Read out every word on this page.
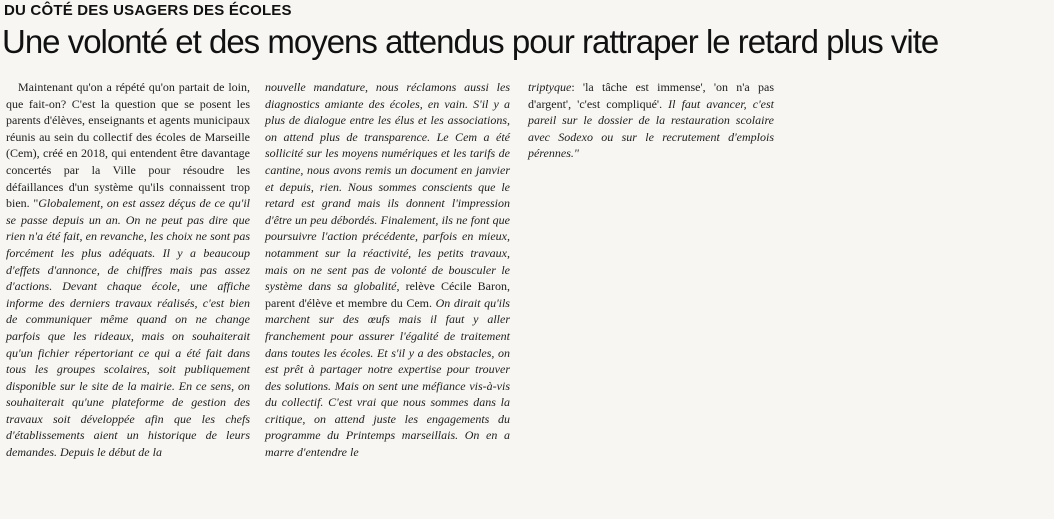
DU CÔTÉ DES USAGERS DES ÉCOLES
Une volonté et des moyens attendus pour rattraper le retard plus vite

Maintenant qu'on a répété qu'on partait de loin, que fait-on? C'est la question que se posent les parents d'élèves, enseignants et agents municipaux réunis au sein du collectif des écoles de Marseille (Cem), créé en 2018, qui entendent être davantage concertés par la Ville pour résoudre les défaillances d'un système qu'ils connaissent trop bien. "Globalement, on est assez déçus de ce qu'il se passe depuis un an. On ne peut pas dire que rien n'a été fait, en revanche, les choix ne sont pas forcément les plus adéquats. Il y a beaucoup d'effets d'annonce, de chiffres mais pas assez d'actions. Devant chaque école, une affiche informe des derniers travaux réalisés, c'est bien de communiquer même quand on ne change parfois que les rideaux, mais on souhaiterait qu'un fichier répertoriant ce qui a été fait dans tous les groupes scolaires, soit publiquement disponible sur le site de la mairie. En ce sens, on souhaiterait qu'une plateforme de gestion des travaux soit développée afin que les chefs d'établissements aient un historique de leurs demandes. Depuis le début de la

nouvelle mandature, nous réclamons aussi les diagnostics amiante des écoles, en vain. S'il y a plus de dialogue entre les élus et les associations, on attend plus de transparence. Le Cem a été sollicité sur les moyens numériques et les tarifs de cantine, nous avons remis un document en janvier et depuis, rien. Nous sommes conscients que le retard est grand mais ils donnent l'impression d'être un peu débordés. Finalement, ils ne font que poursuivre l'action précédente, parfois en mieux, notamment sur la réactivité, les petits travaux, mais on ne sent pas de volonté de bousculer le système dans sa globalité, relève Cécile Baron, parent d'élève et membre du Cem. On dirait qu'ils marchent sur des œufs mais il faut y aller franchement pour assurer l'égalité de traitement dans toutes les écoles. Et s'il y a des obstacles, on est prêt à partager notre expertise pour trouver des solutions. Mais on sent une méfiance vis-à-vis du collectif. C'est vrai que nous sommes dans la critique, on attend juste les engagements du programme du Printemps marseillais. On en a marre d'entendre le

triptyque: 'la tâche est immense', 'on n'a pas d'argent', 'c'est compliqué'. Il faut avancer, c'est pareil sur le dossier de la restauration scolaire avec Sodexo ou sur le recrutement d'emplois pérennes."
